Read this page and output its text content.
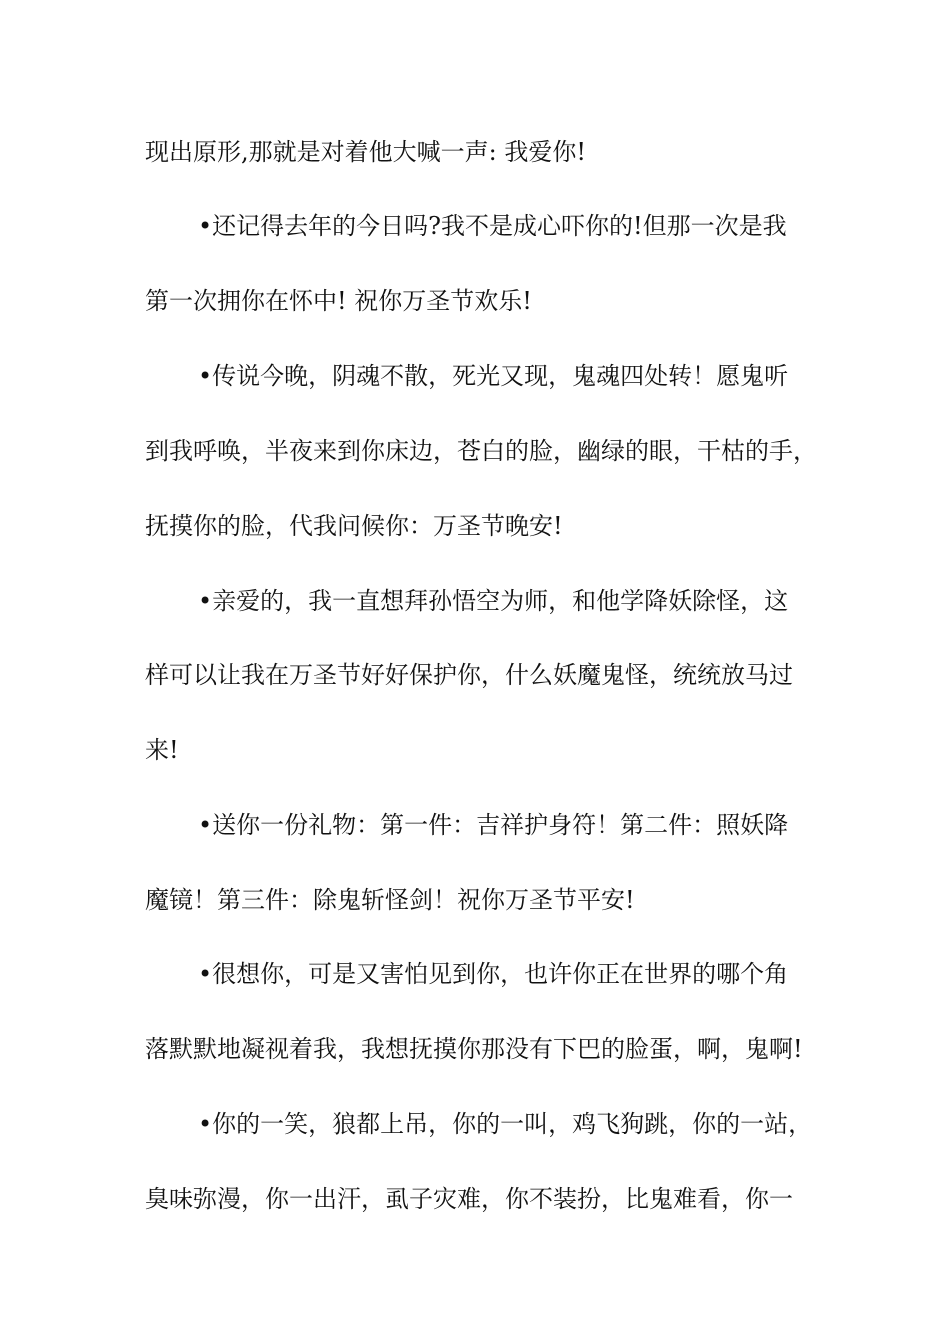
现出原形,那就是对着他大喊一声: 我爱你!
•还记得去年的今日吗?我不是成心吓你的!但那一次是我
第一次拥你在怀中! 祝你万圣节欢乐!
•传说今晚，阴魂不散，死光又现，鬼魂四处转！愿鬼听
到我呼唤，半夜来到你床边，苍白的脸，幽绿的眼，干枯的手，
抚摸你的脸，代我问候你：万圣节晚安!
•亲爱的，我一直想拜孙悟空为师，和他学降妖除怪，这
样可以让我在万圣节好好保护你，什么妖魔鬼怪，统统放马过
来!
•送你一份礼物：第一件：吉祥护身符！第二件：照妖降
魔镜！第三件：除鬼斩怪剑！祝你万圣节平安!
•很想你，可是又害怕见到你，也许你正在世界的哪个角
落默默地凝视着我，我想抚摸你那没有下巴的脸蛋，啊，鬼啊!
•你的一笑，狼都上吊，你的一叫，鸡飞狗跳，你的一站，
臭味弥漫，你一出汗，虱子灾难，你不装扮，比鬼难看，你一
